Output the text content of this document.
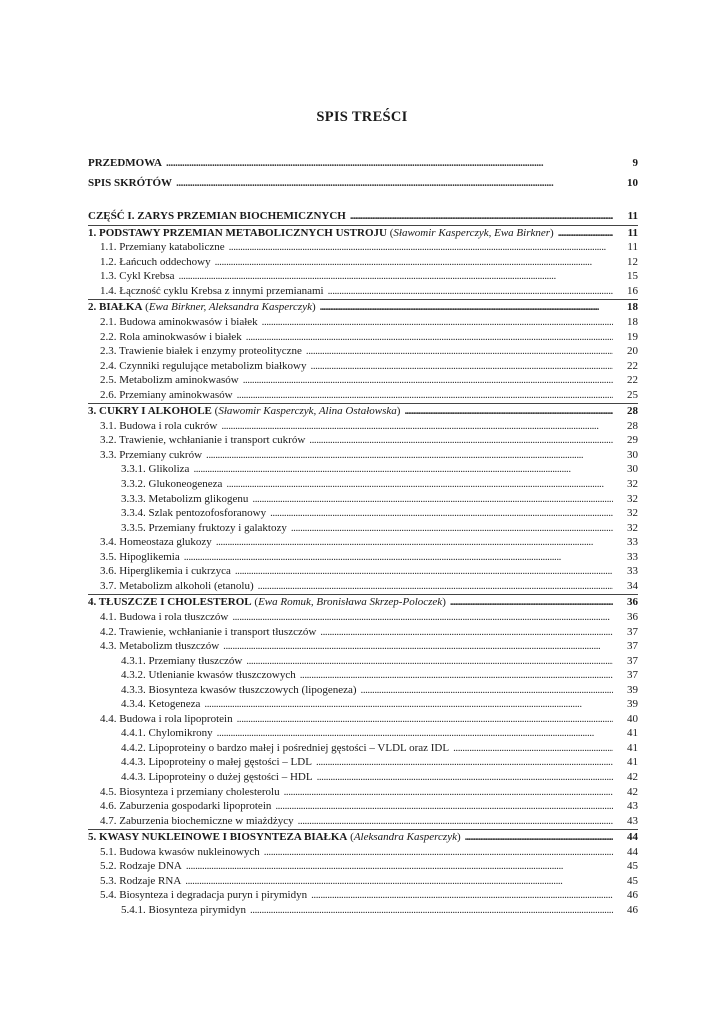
SPIS TREŚCI
PRZEDMOWA . . .	9
SPIS SKRÓTÓW . . .	10
CZĘŚĆ I. ZARYS PRZEMIAN BIOCHEMICZNYCH . . .	11
1. PODSTAWY PRZEMIAN METABOLICZNYCH USTROJU (Sławomir Kasperczyk, Ewa Birkner) . . .	11
1.1. Przemiany kataboliczne . . .	11
1.2. Łańcuch oddechowy . . .	12
1.3. Cykl Krebsa . . .	15
1.4. Łączność cyklu Krebsa z innymi przemianami . . .	16
2. BIAŁKA (Ewa Birkner, Aleksandra Kasperczyk) . . .	18
2.1. Budowa aminokwasów i białek . . .	18
2.2. Rola aminokwasów i białek . . .	19
2.3. Trawienie białek i enzymy proteolityczne . . .	20
2.4. Czynniki regulujące metabolizm białkowy . . .	22
2.5. Metabolizm aminokwasów . . .	22
2.6. Przemiany aminokwasów . . .	25
3. CUKRY I ALKOHOLE (Sławomir Kasperczyk, Alina Ostałowska) . . .	28
3.1. Budowa i rola cukrów . . .	28
3.2. Trawienie, wchłanianie i transport cukrów . . .	29
3.3. Przemiany cukrów . . .	30
3.3.1. Glikoliza . . .	30
3.3.2. Glukoneogeneza . . .	32
3.3.3. Metabolizm glikogenu . . .	32
3.3.4. Szlak pentozofosforanowy . . .	32
3.3.5. Przemiany fruktozy i galaktozy . . .	32
3.4. Homeostaza glukozy . . .	33
3.5. Hipoglikemia . . .	33
3.6. Hiperglikemia i cukrzyca . . .	33
3.7. Metabolizm alkoholi (etanolu) . . .	34
4. TŁUSZCZE I CHOLESTEROL (Ewa Romuk, Bronisława Skrzep-Poloczek) . . .	36
4.1. Budowa i rola tłuszczów . . .	36
4.2. Trawienie, wchłanianie i transport tłuszczów . . .	37
4.3. Metabolizm tłuszczów . . .	37
4.3.1. Przemiany tłuszczów . . .	37
4.3.2. Utlenianie kwasów tłuszczowych . . .	37
4.3.3. Biosynteza kwasów tłuszczowych (lipogeneza) . . .	39
4.3.4. Ketogeneza . . .	39
4.4. Budowa i rola lipoprotein . . .	40
4.4.1. Chylomikrony . . .	41
4.4.2. Lipoproteiny o bardzo małej i pośredniej gęstości – VLDL oraz IDL . . .	41
4.4.3. Lipoproteiny o małej gęstości – LDL . . .	41
4.4.3. Lipoproteiny o dużej gęstości – HDL . . .	42
4.5. Biosynteza i przemiany cholesterolu . . .	42
4.6. Zaburzenia gospodarki lipoprotein . . .	43
4.7. Zaburzenia biochemiczne w miażdżycy . . .	43
5. KWASY NUKLEINOWE I BIOSYNTEZA BIAŁKA (Aleksandra Kasperczyk) . . .	44
5.1. Budowa kwasów nukleinowych . . .	44
5.2. Rodzaje DNA . . .	45
5.3. Rodzaje RNA . . .	45
5.4. Biosynteza i degradacja puryn i pirymidyn . . .	46
5.4.1. Biosynteza pirymidyn . . .	46
